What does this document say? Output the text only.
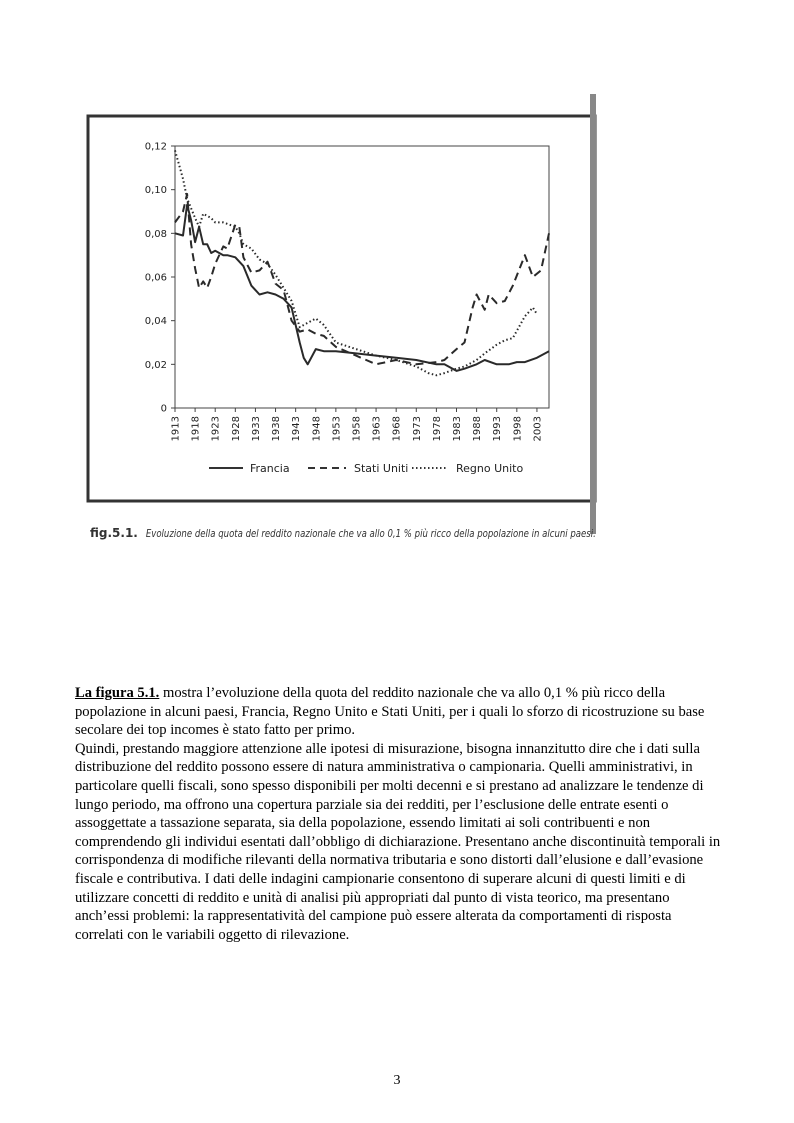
0
0,02
0,04
0,06
0,08
0,10
0,12
1913 1918 1923 1928 1933 1938 1943 1948 1953 1958 1963 1968 1973 1978 1983 1988 1993 1998 2003
Francia	Stati Uniti	Regno Unito
fig.5.1. Evoluzione della quota del reddito nazionale che va allo 0,1 % più ricco della popolazione in alcuni paesi.

La figura 5.1. mostra l’evoluzione della quota del reddito nazionale che va allo 0,1 % più ricco della popolazione in alcuni paesi, Francia, Regno Unito e Stati Uniti, per i quali lo sforzo di ricostruzione su base secolare dei top incomes è stato fatto per primo.

Quindi, prestando maggiore attenzione alle ipotesi di misurazione, bisogna innanzitutto dire che i dati sulla distribuzione del reddito possono essere di natura amministrativa o campionaria. Quelli amministrativi, in particolare quelli fiscali, sono spesso disponibili per molti decenni e si prestano ad analizzare le tendenze di lungo periodo, ma offrono una copertura parziale sia dei redditi, per l’esclusione delle entrate esenti o assoggettate a tassazione separata, sia della popolazione, essendo limitati ai soli contribuenti e non comprendendo gli individui esentati dall’obbligo di dichiarazione. Presentano anche discontinuità temporali in corrispondenza di modifiche rilevanti della normativa tributaria e sono distorti dall’elusione e dall’evasione fiscale e contributiva. I dati delle indagini campionarie consentono di superare alcuni di questi limiti e di utilizzare concetti di reddito e unità di analisi più appropriati dal punto di vista teorico, ma presentano anch’essi problemi: la rappresentatività del campione può essere alterata da comportamenti di risposta correlati con le variabili oggetto di rilevazione.

3
